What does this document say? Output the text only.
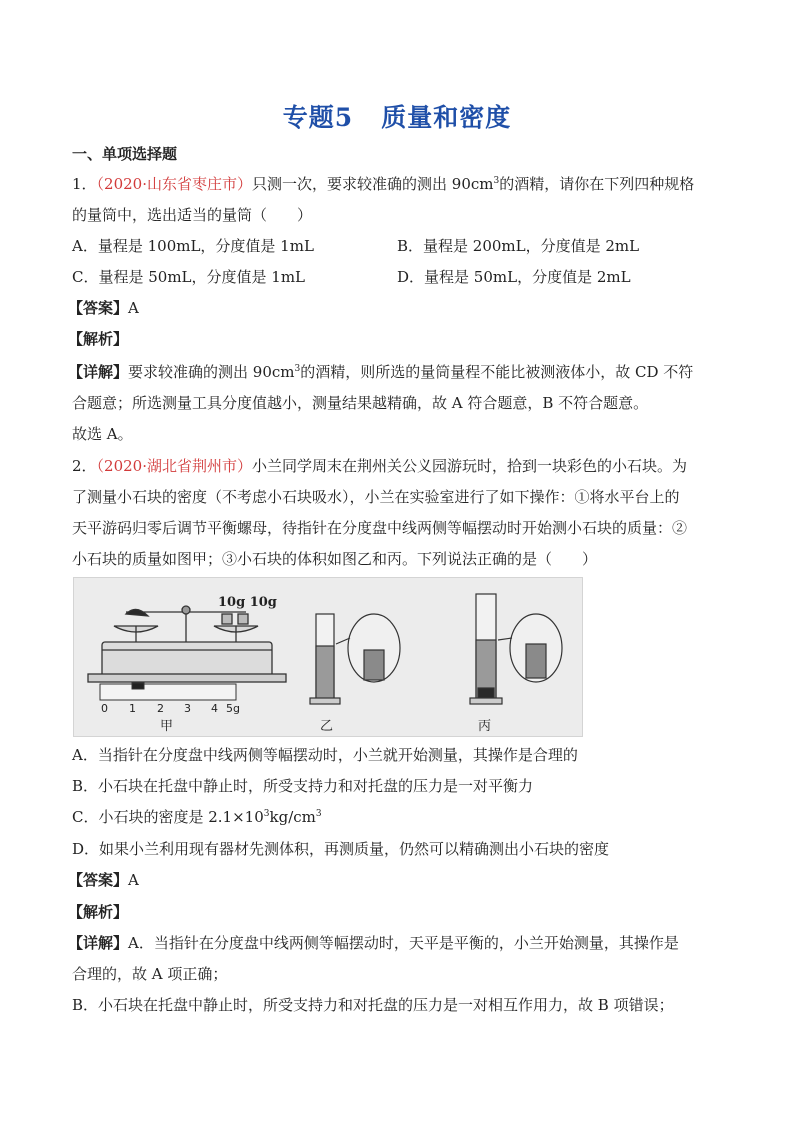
专题5 质量和密度
一、单项选择题
1．（2020·山东省枣庄市）只测一次，要求较准确的测出 $90cm^3$的酒精，请你在下列四种规格
的量筒中，选出适当的量筒（　　）
A．量程是 100mL，分度值是 1mL	B．量程是 200mL，分度值是 2mL
C．量程是 50mL，分度值是 1mL	D．量程是 50mL，分度值是 2mL
【答案】A
【解析】
【详解】要求较准确的测出 $90cm^3$的酒精，则所选的量筒量程不能比被测液体小，故 CD 不符
合题意；所选测量工具分度值越小，测量结果越精确，故 A 符合题意，B 不符合题意。
故选 A。
2．（2020·湖北省荆州市）小兰同学周末在荆州关公义园游玩时，拾到一块彩色的小石块。为
了测量小石块的密度（不考虑小石块吸水），小兰在实验室进行了如下操作：①将水平台上的
天平游码归零后调节平衡螺母，待指针在分度盘中线两侧等幅摆动时开始测小石块的质量：②
小石块的质量如图甲；③小石块的体积如图乙和丙。下列说法正确的是（　　）
10g 10g
0 1 2 3 4 5g
甲	乙	丙
A．当指针在分度盘中线两侧等幅摆动时，小兰就开始测量，其操作是合理的
B．小石块在托盘中静止时，所受支持力和对托盘的压力是一对平衡力
C．小石块的密度是 $2.1\times 10^3kg/cm^3$
D．如果小兰利用现有器材先测体积，再测质量，仍然可以精确测出小石块的密度
【答案】A
【解析】
【详解】A．当指针在分度盘中线两侧等幅摆动时，天平是平衡的，小兰开始测量，其操作是
合理的，故 A 项正确；
B．小石块在托盘中静止时，所受支持力和对托盘的压力是一对相互作用力，故 B 项错误；
